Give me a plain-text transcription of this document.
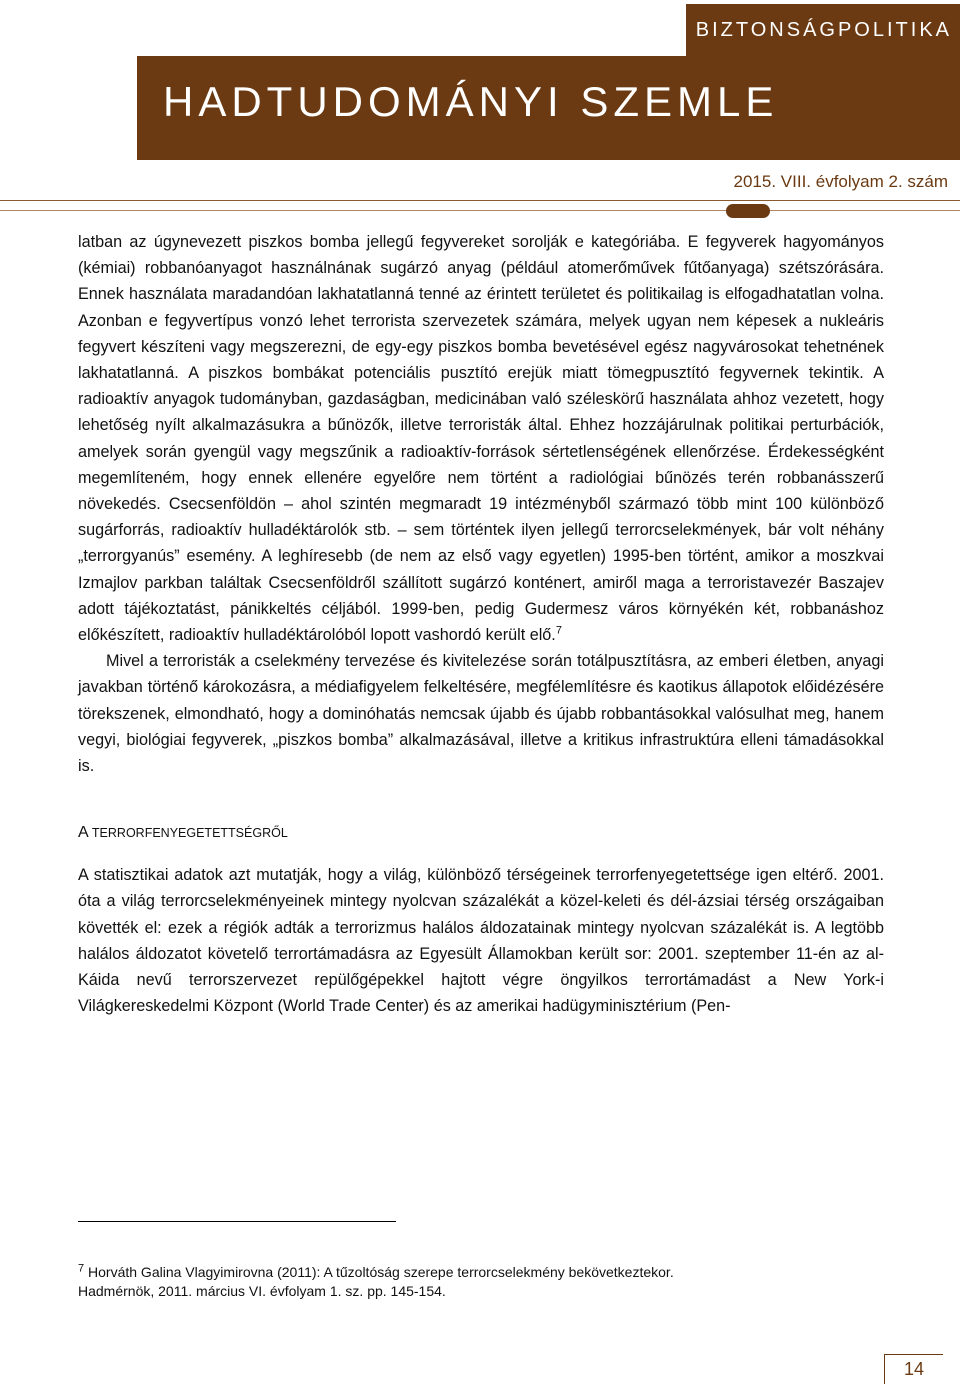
BIZTONSÁGPOLITIKA
HADTUDOMÁNYI SZEMLE
2015. VIII. évfolyam 2. szám

latban az úgynevezett piszkos bomba jellegű fegyvereket sorolják e kategóriába. E fegyverek hagyományos (kémiai) robbanóanyagot használnának sugárzó anyag (például atomerőművek fűtőanyaga) szétszórására. Ennek használata maradandóan lakhatatlanná tenné az érintett területet és politikailag is elfogadhatatlan volna. Azonban e fegyvertípus vonzó lehet terrorista szervezetek számára, melyek ugyan nem képesek a nukleáris fegyvert készíteni vagy megszerezni, de egy-egy piszkos bomba bevetésével egész nagyvárosokat tehetnének lakhatatlanná. A piszkos bombákat potenciális pusztító erejük miatt tömegpusztító fegyvernek tekintik. A radioaktív anyagok tudományban, gazdaságban, medicinában való széleskörű használata ahhoz vezetett, hogy lehetőség nyílt alkalmazásukra a bűnözők, illetve terroristák által. Ehhez hozzájárulnak politikai perturbációk, amelyek során gyengül vagy megszűnik a radioaktív-források sértetlenségének ellenőrzése. Érdekességként megemlíteném, hogy ennek ellenére egyelőre nem történt a radiológiai bűnözés terén robbanásszerű növekedés. Csecsenföldön – ahol szintén megmaradt 19 intézményből származó több mint 100 különböző sugárforrás, radioaktív hulladéktárolók stb. – sem történtek ilyen jellegű terrorcselekmények, bár volt néhány „terrorgyanús” esemény. A leghíresebb (de nem az első vagy egyetlen) 1995-ben történt, amikor a moszkvai Izmajlov parkban találtak Csecsenföldről szállított sugárzó konténert, amiről maga a terroristavezér Baszajev adott tájékoztatást, pánikkeltés céljából. 1999-ben, pedig Gudermesz város környékén két, robbanáshoz előkészített, radioaktív hulladéktárolóból lopott vashordó került elő.$^7$

Mivel a terroristák a cselekmény tervezése és kivitelezése során totálpusztításra, az emberi életben, anyagi javakban történő károkozásra, a médiafigyelem felkeltésére, megfélemlítésre és kaotikus állapotok előidézésére törekszenek, elmondható, hogy a dominóhatás nemcsak újabb és újabb robbantásokkal valósulhat meg, hanem vegyi, biológiai fegyverek, „piszkos bomba” alkalmazásával, illetve a kritikus infrastruktúra elleni támadásokkal is.

A TERRORFENYEGETETTSÉGRŐL

A statisztikai adatok azt mutatják, hogy a világ, különböző térségeinek terrorfenyegetettsége igen eltérő. 2001. óta a világ terrorcselekményeinek mintegy nyolcvan százalékát a közel-keleti és dél-ázsiai térség országaiban követték el: ezek a régiók adták a terrorizmus halálos áldozatainak mintegy nyolcvan százalékát is. A legtöbb halálos áldozatot követelő terrortámadásra az Egyesült Államokban került sor: 2001. szeptember 11-én az al-Káida nevű terrorszervezet repülőgépekkel hajtott végre öngyilkos terrortámadást a New York-i Világkereskedelmi Központ (World Trade Center) és az amerikai hadügyminisztérium (Pen-

$^7$ Horváth Galina Vlagyimirovna (2011): A tűzoltóság szerepe terrorcselekmény bekövetkeztekor.

Hadmérnök, 2011. március VI. évfolyam 1. sz. pp. 145-154.

14
